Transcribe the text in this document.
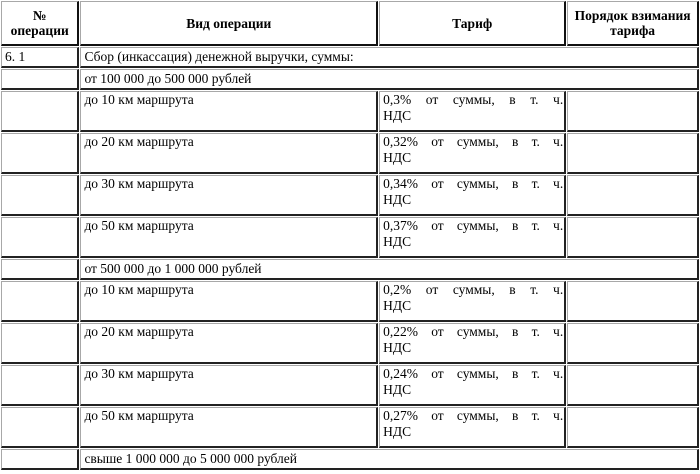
№ операции	Вид операции	Тариф	Порядок взимания тарифа
6. 1	Сбор (инкассация) денежной выручки, суммы:		
	от 100 000 до 500 000 рублей		
	до 10 км маршрута	0,3% от суммы, в т. ч.
НДС	

	до 20 км маршрута	0,32% от суммы, в т. ч.
НДС	

	до 30 км маршрута	0,34% от суммы, в т. ч.
НДС	

	до 50 км маршрута	0,37% от суммы, в т. ч.
НДС	

	от 500 000 до 1 000 000 рублей		
	до 10 км маршрута	0,2% от суммы, в т. ч.
НДС	

	до 20 км маршрута	0,22% от суммы, в т. ч.
НДС	

	до 30 км маршрута	0,24% от суммы, в т. ч.
НДС	

	до 50 км маршрута	0,27% от суммы, в т. ч.
НДС	

	свыше 1 000 000 до 5 000 000 рублей		
